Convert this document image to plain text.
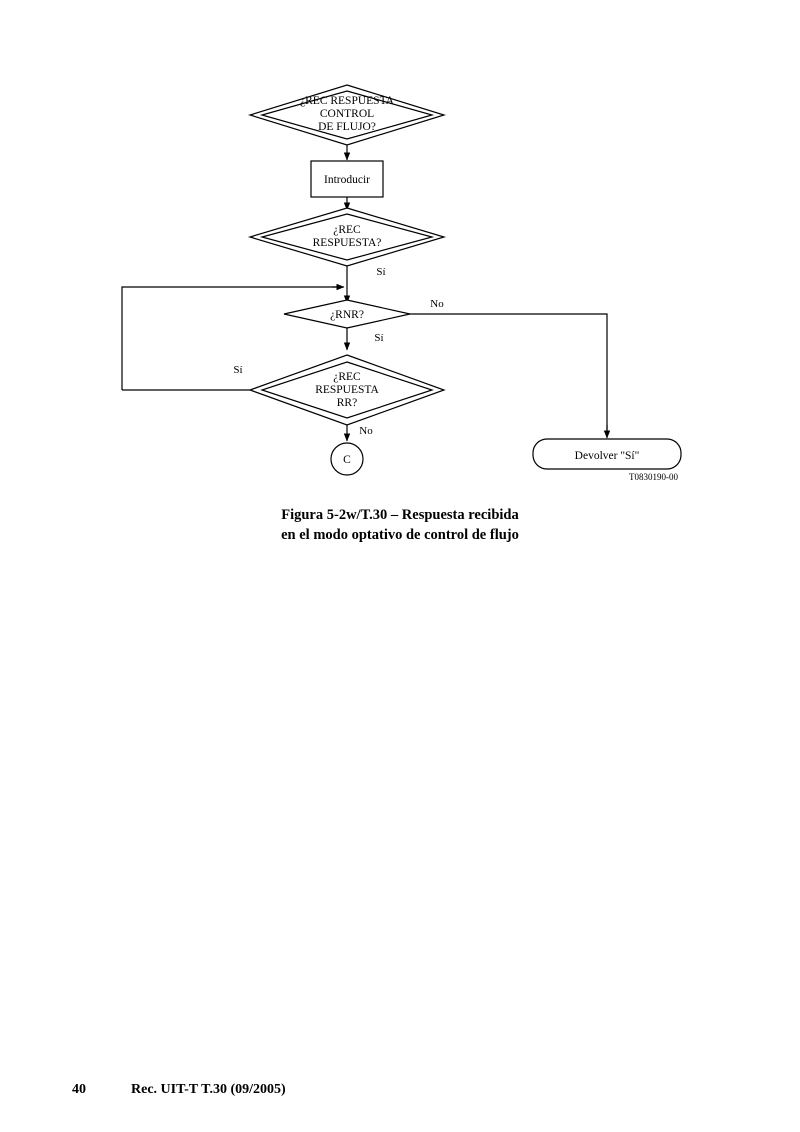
¿REC RESPUESTA
CONTROL
DE FLUJO?
Introducir
¿REC
RESPUESTA?
Sí
¿RNR?
No
Sí
¿REC
RESPUESTA
RR?
Sí
No
C	Devolver "Sí"
T0830190-00
Figura 5-2w/T.30 – Respuesta recibida
en el modo optativo de control de flujo
40	Rec. UIT-T T.30 (09/2005)
